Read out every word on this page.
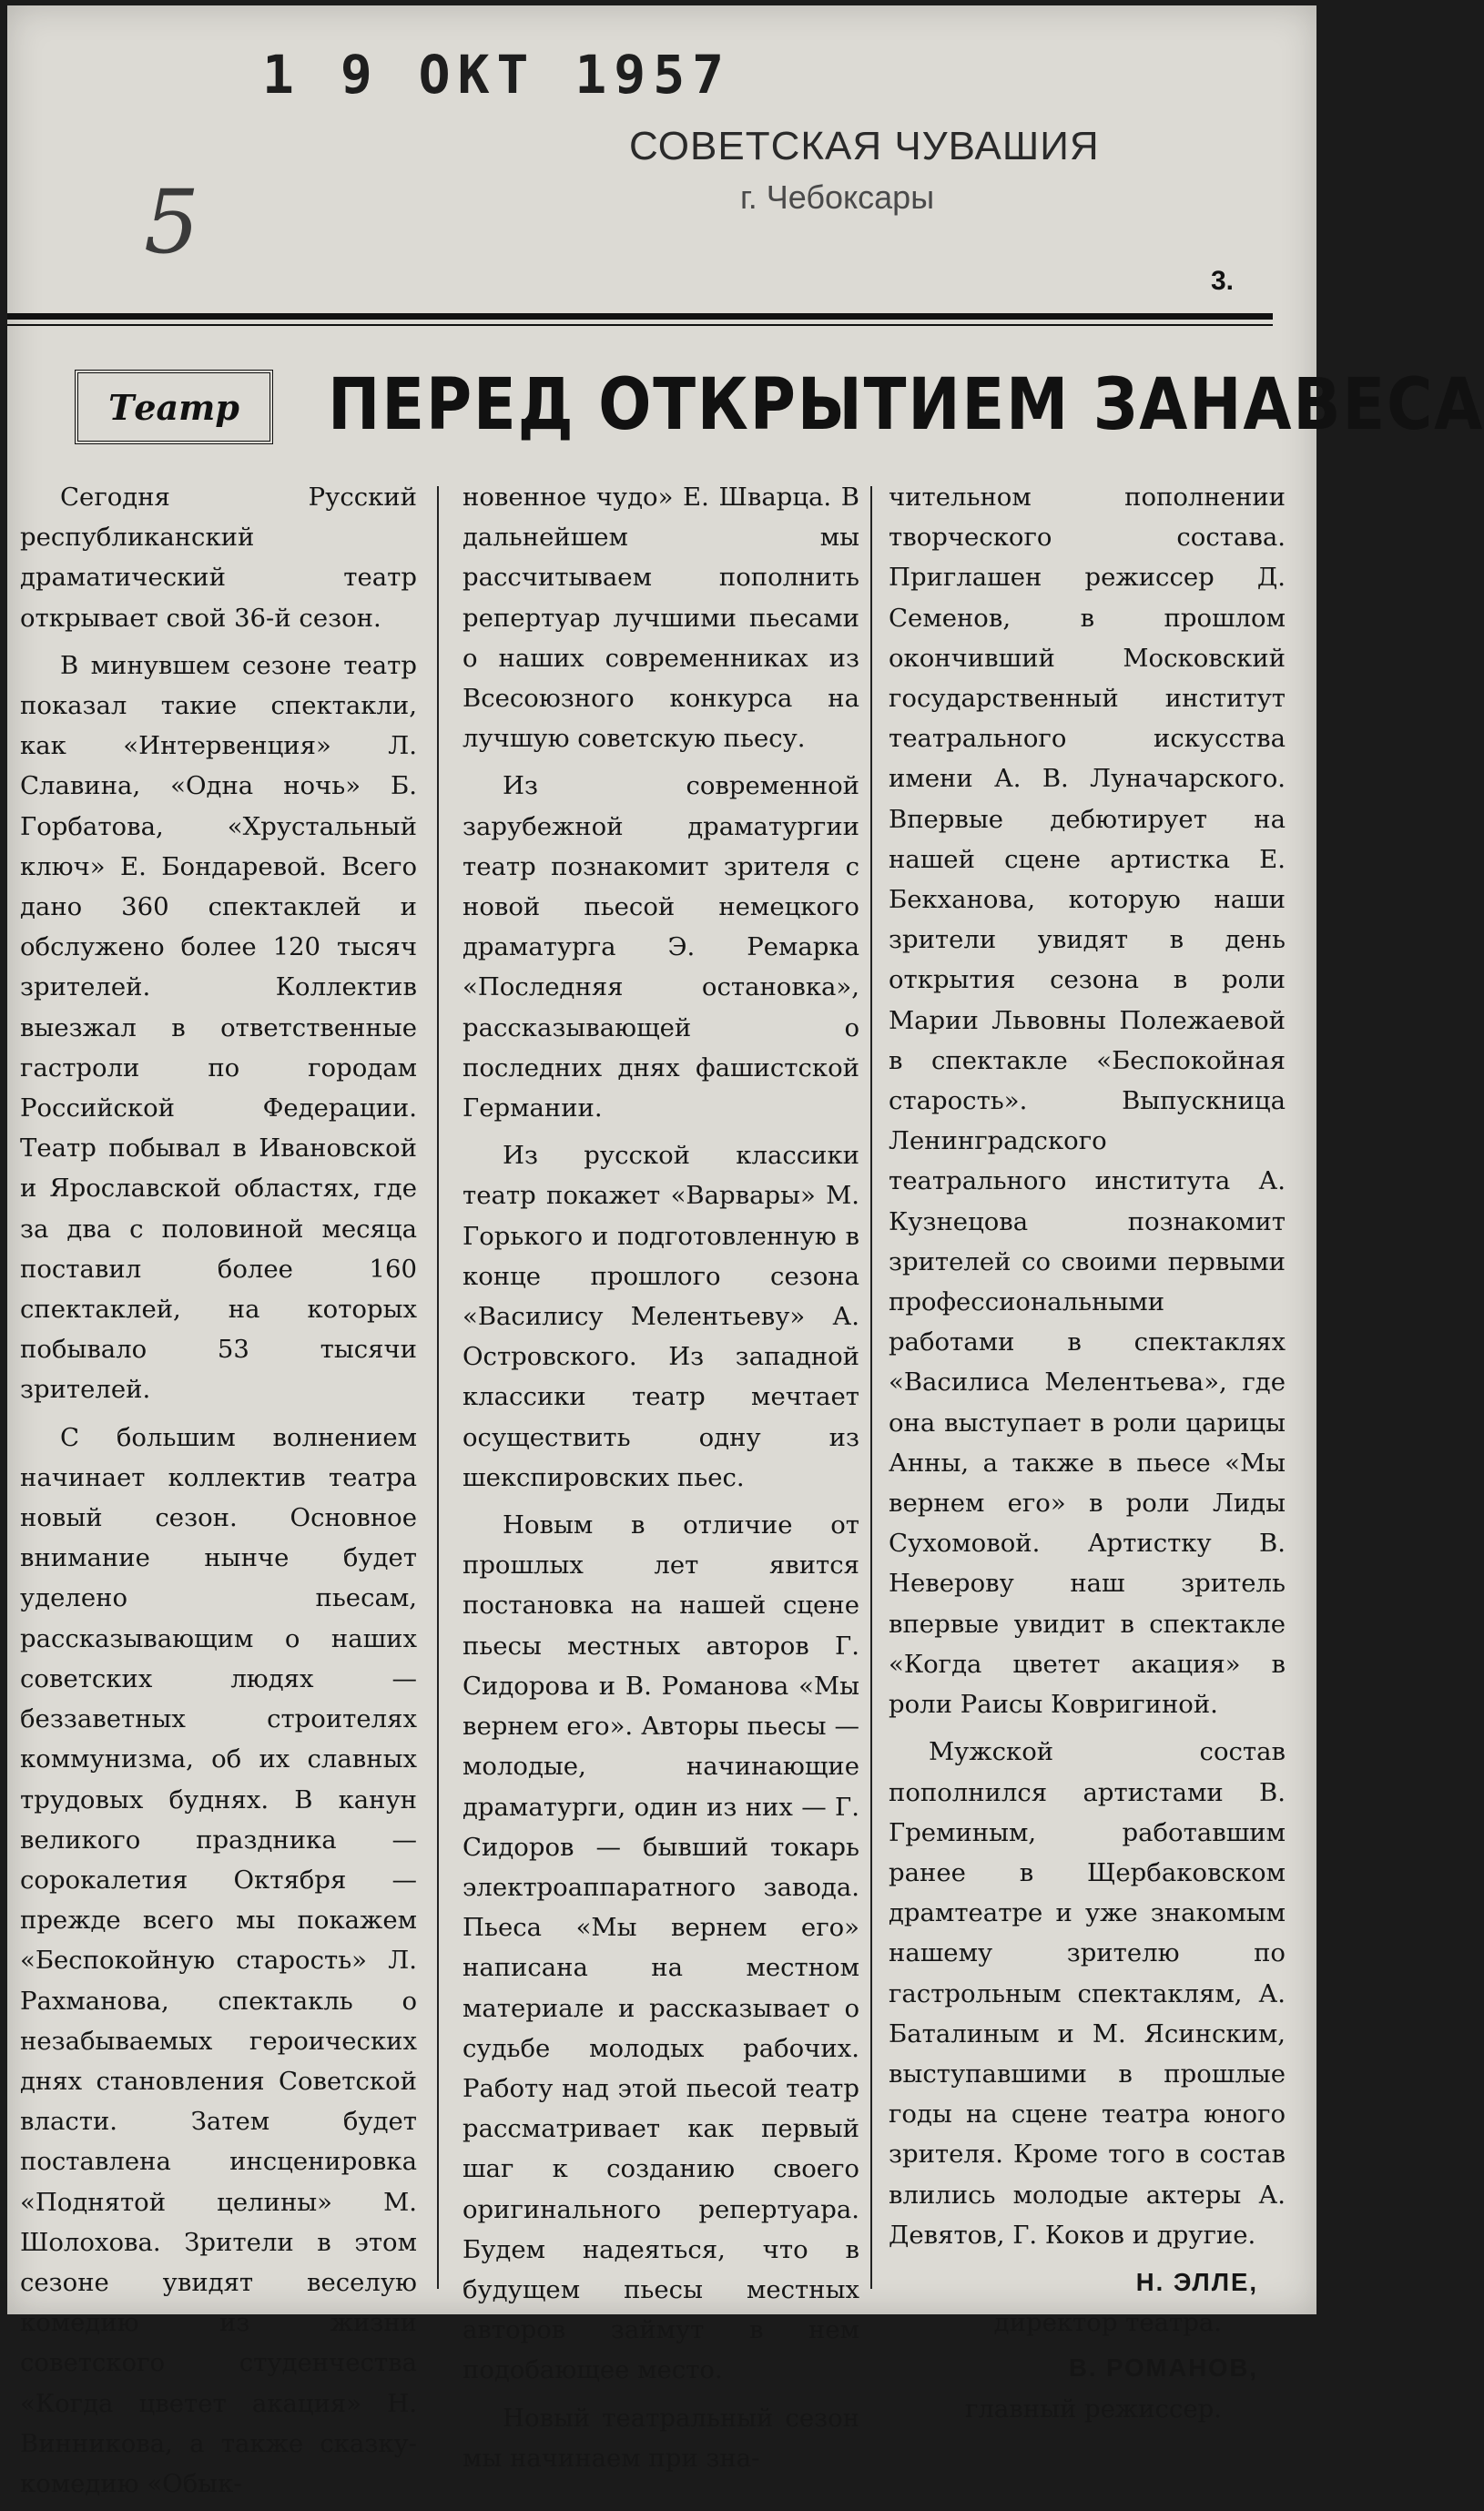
1 9 ОКТ 1957
СОВЕТСКАЯ ЧУВАШИЯ
г. Чебоксары
5
3.
Театр ПЕРЕД ОТКРЫТИЕМ ЗАНАВЕСА

Сегодня Русский республиканский драматический театр открывает свой 36-й сезон.

В минувшем сезоне театр показал такие спектакли, как «Интервенция» Л. Славина, «Одна ночь» Б. Горбатова, «Хрустальный ключ» Е. Бондаревой. Всего дано 360 спектаклей и обслужено более 120 тысяч зрителей. Коллектив выезжал в ответственные гастроли по городам Российской Федерации. Театр побывал в Ивановской и Ярославской областях, где за два с половиной месяца поставил более 160 спектаклей, на которых побывало 53 тысячи зрителей.

С большим волнением начинает коллектив театра новый сезон. Основное внимание нынче будет уделено пьесам, рассказывающим о наших советских людях — беззаветных строителях коммунизма, об их славных трудовых буднях. В канун великого праздника — сорокалетия Октября — прежде всего мы покажем «Беспокойную старость» Л. Рахманова, спектакль о незабываемых героических днях становления Советской власти. Затем будет поставлена инсценировка «Поднятой целины» М. Шолохова. Зрители в этом сезоне увидят веселую комедию из жизни советского студенчества «Когда цветет акация» Н. Винникова, а также сказку-комедию «Обык-

новенное чудо» Е. Шварца. В дальнейшем мы рассчитываем пополнить репертуар лучшими пьесами о наших современниках из Всесоюзного конкурса на лучшую советскую пьесу.

Из современной зарубежной драматургии театр познакомит зрителя с новой пьесой немецкого драматурга Э. Ремарка «Последняя остановка», рассказывающей о последних днях фашистской Германии.

Из русской классики театр покажет «Варвары» М. Горького и подготовленную в конце прошлого сезона «Василису Мелентьеву» А. Островского. Из западной классики театр мечтает осуществить одну из шекспировских пьес.

Новым в отличие от прошлых лет явится постановка на нашей сцене пьесы местных авторов Г. Сидорова и В. Романова «Мы вернем его». Авторы пьесы — молодые, начинающие драматурги, один из них — Г. Сидоров — бывший токарь электроаппаратного завода. Пьеса «Мы вернем его» написана на местном материале и рассказывает о судьбе молодых рабочих. Работу над этой пьесой театр рассматривает как первый шаг к созданию своего оригинального репертуара. Будем надеяться, что в будущем пьесы местных авторов займут в нем подобающее место.

Новый театральный сезон мы начинаем при зна-

чительном пополнении творческого состава. Приглашен режиссер Д. Семенов, в прошлом окончивший Московский государственный институт театрального искусства имени А. В. Луначарского. Впервые дебютирует на нашей сцене артистка Е. Бекханова, которую наши зрители увидят в день открытия сезона в роли Марии Львовны Полежаевой в спектакле «Беспокойная старость». Выпускница Ленинградского театрального института А. Кузнецова познакомит зрителей со своими первыми профессиональными работами в спектаклях «Василиса Мелентьева», где она выступает в роли царицы Анны, а также в пьесе «Мы вернем его» в роли Лиды Сухомовой. Артистку В. Неверову наш зритель впервые увидит в спектакле «Когда цветет акация» в роли Раисы Ковригиной.

Мужской состав пополнился артистами В. Греминым, работавшим ранее в Щербаковском драмтеатре и уже знакомым нашему зрителю по гастрольным спектаклям, А. Баталиным и М. Ясинским, выступавшими в прошлые годы на сцене театра юного зрителя. Кроме того в состав влились молодые актеры А. Девятов, Г. Коков и другие.

Н. ЭЛЛЕ,
директор театра.
В. РОМАНОВ,
главный режиссер.
